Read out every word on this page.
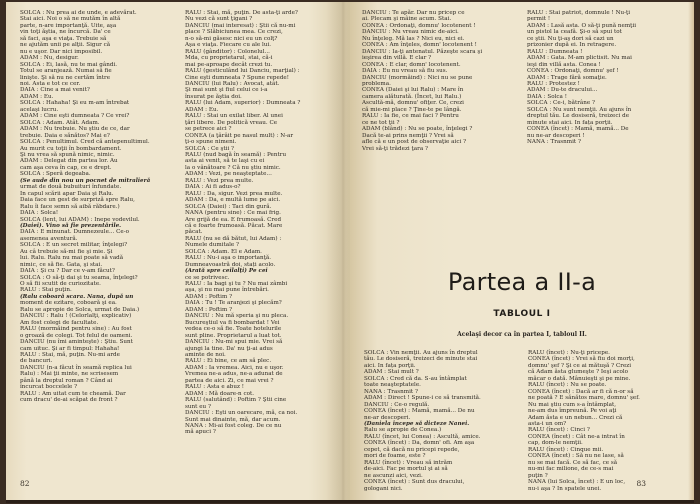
SOLCA : Nu prea ai de unde, e adevărat.
Stai aici. Noi o să ne mutăm în altă
parte, n-are importanţă. Uite, aşa
vin toţi ăştia, ne încurcă. Da' ce
să faci, aşa e viaţa. Trebuie să
ne ajutăm unii pe alţii. Sigur că
nu e uşor. Dar nici imposibil.
ADAM : Nu, desigur.
SOLCA : Ei, lasă, nu te mai gândi.
Totul se aranjează. Numai să fie
linişte. Şi să nu ne certăm între
noi. Asta e tot ce cer.
DAIA : Cine a mai venit?
ADAM : Eu.
SOLCA : Hahaha! Şi eu m-am întrebat
acelaşi lucru.
ADAM : Cine eşti dumneata ? Ce vrei?
SOLCA : Adam. Atât. Adam.
ADAM : Nu trebuie. Nu ştiu de ce, dar
trebuie. Daia e sănătos? Mai e?
SOLCA : Penultimul. Cred că antepenultimul.
Au murit cu toţii în bombardament.
Şi nu vrea să spună nimic, nimic.
ADAM : Delegat din partea lor. Au
cam aşa ceva în cap, ce e drept.
SOLCA : Speră degeaba.
(Se aude din nou un pocnet de mitralieră
urmat de două bubuituri înfundate.
In capul scării apar Daia şi Ralu.
Daia face un gest de surpriză spre Ralu,
Ralu îi face semn să aibă răbdare.)
DAIA : Solca!
SOLCA (lent, lui ADAM) : Inepe vodevilul.
(Daiei). Vino să fie prezentările.
DAIA : E minunat. Dumnezeule... Ce-o
asemenea aventură.
SOLCA : E un secret militar, înţelegi?
Au câ trebuie să-mi fie şi mie. Şi
lui. Ralu. Ralu nu mai poate să vadă
nimic, ce să fie. Gata, şi stai.
DAIA : Şi cu ? Dar ce v-am făcut?
SOLCA : O să-ţi dai şi tu seama, înţelegi?
O să fii scutit de curiozitate.
RALU : Stai puţin.
(Ralu coboară scara. Nana, după un
moment de ezitare, coboară şi ea.
Ralu se apropie de Solca, urmat de Daia.)
DANCIU : Ralu ! (Celorlalţi, explicativ)
Am fost colegi de facultate.
RALU (mormăind pentru sine) : Au fost
o groază de colegi. Tot felul de oameni.
DANCIU (nu îmi aminteşte) : Ştiu. Sunt
cam uituc. Şi ar fi timpul: Hahaha!
RALU : Stai, mă, puţin. Nu-mi arde
de bancuri.
DANCIU (n-a făcut în seamă replica lui
Ralu) : Mai ţii minte, ne scrisesem
până la dreptul roman ? Când ai
încurcat boccelele ?
RALU : Am uitat cum te cheamă. Dar
cum dracu' de-ai scăpat de front ?
RALU : Stai, mă, puţin. De asta-ţi arde?
Nu vezi că sunt ţigani ?
DANCIU (mai interesat) : Ştii că nu-mi
place ? Slăbiciunea mea. Ce crezi,
n-o să-mi găsesc nici eu un colţ?
Aşa e viaţa. Fiecare cu ale lui.
RALU (gânditor) : Colonelul...
Mda, cu proprietarul, stai, că-i
mai pe-aproape decât crezi tu.
RALU (gesticulând lui Danciu, marţial) :
Cine eşti dumneata ? Spune repede!
DANCIU (lui Ralu) : Avocat, atât.
Şi mai sunt şi fiul celui ce i-a
însurat pe ăştia doi.
RALU (lui Adam, superior) : Dumneata ?
ADAM : Eu.
RALU : Stai un exilat liber. Al unei
ţări libere. De politică vreau. Ce
se petrece aici ?
CONEA (a ţârâit pe nasul mult) : N-ar
ţi-o spune nimeni.
SOLCA : Ce ştii ?
RALU (nud bagă în seamă) : Pentru
asta ai venit, să te laşi cu ei
la o vânătoare ? Că nu ştiu nimic.
ADAM : Vezi, pe neaşteptate...
RALU : Vezi prea multe.
DAIA : Ai fi adus-o?
RALU : Da, sigur. Vezi prea multe.
ADAM : Da, e multă lume pe aici.
SOLCA (Daiei) : Taci din gură.
NANA (pentru sine) : Ce mai frig.
Are grijă de ea. E frumoasă. Cred
că e foarte frumoasă. Păcat. Mare
păcat.
RALU (nu se dă bătut, lui Adam) :
Numele dumitale ?
SOLCA : Adam. El e Adam.
RALU : Nu-i aşa o importanţă.
Dumneavoastră doi, stați acolo.
(Arată spre ceilalţi) Pe cei
ce se potrivesc.
RALU : Ia bagi şi tu ? Nu mai zâmbi
aşa, şi nu mai pune întrebări.
ADAM : Poftim ?
DAIA : Tu ! Te aranjezi şi plecăm?
ADAM : Poftim ?
DANCIU : Nu mă speria şi nu pleca.
Bucureştiul va fi bombardat ! Vei
vedea ce-o să fie. Toate hotelurile
sunt pline. Proprietarul a luat tot.
DANCIU : Nu-mi spui mie. Vrei să
ajungi la tine. Da' nu ţi-ai adus
aminte de noi.
RALU : Ei bine, ce am să plec.
ADAM : Ia vremea. Aici, nu e uşor.
Vremea ne-a adus, ne-a adunat de
partea de aici. Zi, ce mai vrei ?
RALU : Asta e abuz !
ADAM : Mă doare-n cot.
RALU (salutând) : Poftim ? Ştii cine
sunt eu ?
DANCIU : Eşti un oarecare, mă, ca noi.
Sunt mai dinainte, mă, dar acum.
NANA : Mi-ai fost coleg. De ce nu
mă apuci ?
82
DANCIU : Te apăr. Dar nu pricep ce
ai. Plecam şi mâine acum. Stai.
CONEA : Ordonaţi, domnu' locotenent !
DANCIU : Nu vreau nimic de-aici.
Nu înţeleg. Mă las ? Nici eu, nici ei.
CONEA : Am înţeles, domn' locotenent !
DANCIU : Ia-ţi antenatul. Păzeşte scara şi
ieşirea din villă. E clar ?
CONEA : E clar, domn' locotenent.
DAIA : Eu nu vreau să fiu sus.
DANCIU (mormăind) : Nici nu se pune
problema.
CONEA (Daiei şi lui Ralu) : Mare în
camera alăturată. (Încet, lui Ralu.)
Ascultă-mă, domnu' ofiţer. Ce, crezi
că mie-mi place ? Ţine-te pe lângă.
RALU : Ia fie, ce mai faci ? Pentru
ce ne tot ţii ?
ADAM (blând) : Nu se poate, înţelegi ?
Dacă te-ai prins nemţii ? Vrei să
afle că e un post de observaţie aici ?
Vrei să-ţi trădezi ţara ?
RALU : Stai patriot, domnule ! Nu-ţi
permit !
ADAM : Lasă asta. O să-ţi pună nemţii
un pistol la ceafă. Şi-o să spui tot
ce ştii. Nu ţi-aş dori să cazi un
prizonier după ei. In retragere.
RALU : Dumneata !
ADAM : Gata. M-am plictisit. Nu mai
ieşi din villă asta. Conea !
CONEA : Ordonaţi, domnu' şef !
ADAM : Trage fără somaţie.
RALU : Protestez !
ADAM : Du-te dracului...
DAIA : Solca !
SOLCA : Ce-i, bătrâne ?
SOLCA : Nu sunt nemţii. Au ajuns în
dreptul tău. Le dosiseră, treizeci de
minute stai aici. In fața porţii.
CONEA (încet) : Mamă, mamă... De
nu ne-ar descoperi !
NANA : Trasnmit ?
Partea a II-a
TABLOUL I
Acelaşi decor ca în partea I, tabloul II.
SOLCA : Vin nemţii. Au ajuns în dreptul
tău. Le dosiseră, treizeci de minute stai
aici. In fața porţii.
ADAM : Stai mult ?
SOLCA : Cred că da. S-au întâmplat
toate neaşteptatele.
NANA : Trasnmit ?
ADAM : Direct ! Spune-i ce să transmită.
DANCIU : Ce-o regulă.
CONEA (încet) : Mamă, mamă... De nu
ne-ar descoperi.
(Daniela începe să dicteze Nanei.
Ralu se apropie de Conea.)
RALU (încet, lui Conea) : Ascultă, amice.
CONEA (încet) : Da, domn' ofi. Am aşa
cepet, că dacă nu pricepi repede,
mori de foame, este ?
RALU (încet) : Vreau să intrăm
de-aici. Fac pe mortul şi ai să
ne ascunzi aici, vezi.
CONEA (încet) : Sunt dus dracului,
gologani nici.
RALU (încet) : Nu-ţi pricepe.
CONEA (încet) : Vrei să fiu doi morţi,
domnu' şef ? Şi ce ai mătuşă ? Crezi
că Adam ăsta glumeşte ? Ieşi acolo
măcar o dată. Mânuieşti şi pe mine.
RALU (încet) : Nu se poate.
CONEA (încet) : Dacă ar fi că n-or să
ne poată ? E sănătos mare, domnu' şef.
Nu mai ştiu cum s-a întâmplat,
ne-am dus împreună. Pe voi aţi
Adam ăsta e un nebun... Crezi că
asta-i un om?
RALU (încet) : Cinci ?
CONEA (încet) : Cât ne-a intrat în
cap, dom-le nemţii.
RALU (încet) : Cinque mii.
CONEA (încet) : Să nu ne lase, să
nu se mai facă. Ce să fac, ce să
nu-mi fac milione, de ce-s mai
puţin ?
NANA (lui Solca, încet) : E un loc,
nu-i aşa ? In spatele unei.
83
